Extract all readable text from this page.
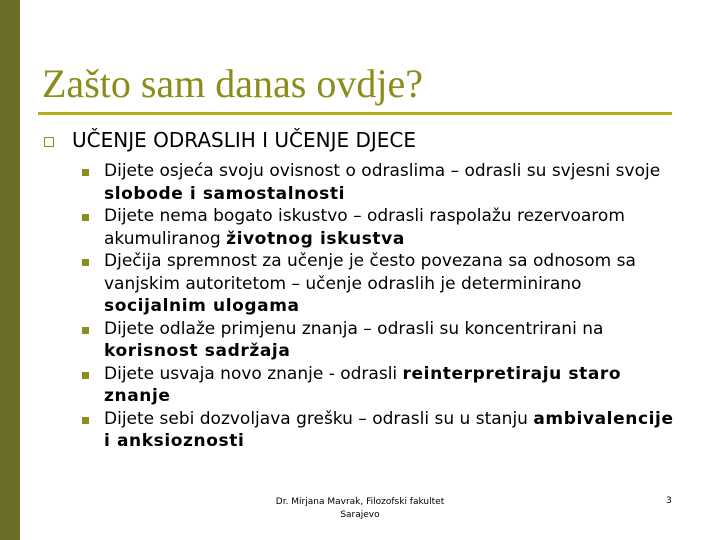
Zašto sam danas ovdje?
UČENJE ODRASLIH I UČENJE DJECE
Dijete osjeća svoju ovisnost o odraslima – odrasli su svjesni svoje slobode i samostalnosti
Dijete nema bogato iskustvo – odrasli raspolažu rezervoarom akumuliranog životnog iskustva
Dječija spremnost za učenje je često povezana sa odnosom sa vanjskim autoritetom – učenje odraslih je determinirano socijalnim ulogama
Dijete odlaže primjenu znanja – odrasli su koncentrirani na korisnost sadržaja
Dijete usvaja novo znanje - odrasli reinterpretiraju staro znanje
Dijete sebi dozvoljava grešku – odrasli su u stanju ambivalencije i anksioznosti
Dr. Mirjana Mavrak, Filozofski fakultet
Sarajevo
3
